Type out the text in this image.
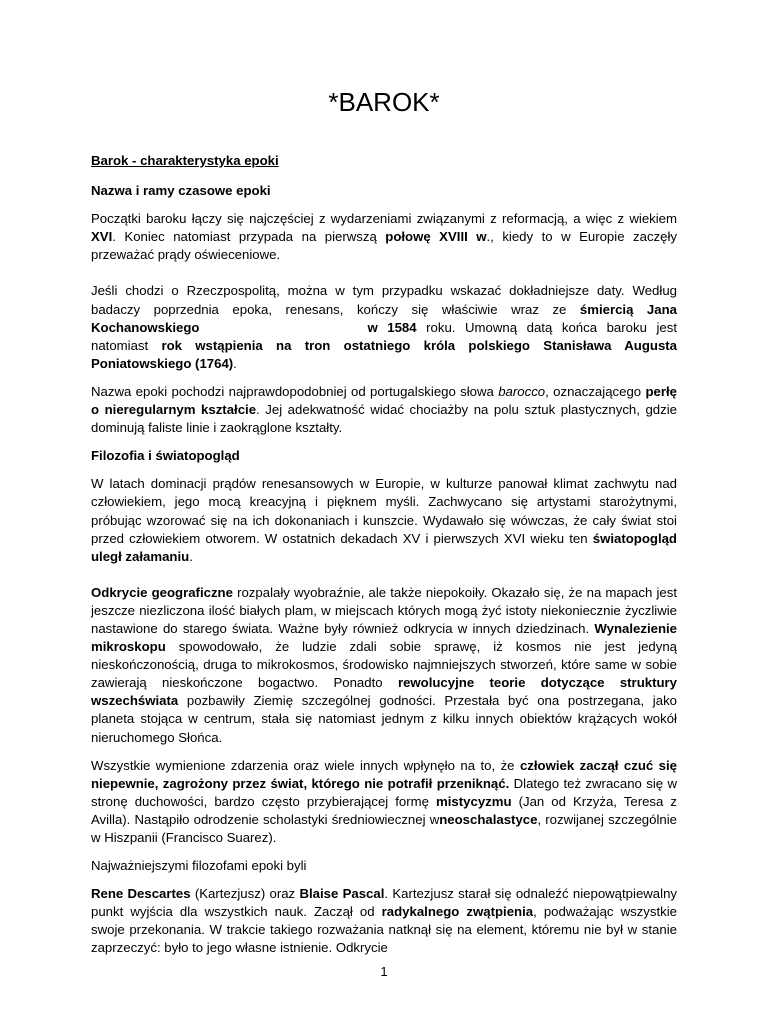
*BAROK*

Barok - charakterystyka epoki

Nazwa i ramy czasowe epoki

Początki baroku łączy się najczęściej z wydarzeniami związanymi z reformacją, a więc z wiekiem XVI. Koniec natomiast przypada na pierwszą połowę XVIII w., kiedy to w Europie zaczęły przeważać prądy oświeceniowe.

Jeśli chodzi o Rzeczpospolitą, można w tym przypadku wskazać dokładniejsze daty. Według badaczy poprzednia epoka, renesans, kończy się właściwie wraz ze śmiercią Jana Kochanowskiego	w 1584 roku. Umowną datą końca baroku jest natomiast rok wstąpienia na tron ostatniego króla polskiego Stanisława Augusta Poniatowskiego (1764).

Nazwa epoki pochodzi najprawdopodobniej od portugalskiego słowa barocco, oznaczającego perłę o nieregularnym kształcie. Jej adekwatność widać chociażby na polu sztuk plastycznych, gdzie dominują faliste linie i zaokrąglone kształty.

Filozofia i światopogląd

W latach dominacji prądów renesansowych w Europie, w kulturze panował klimat zachwytu nad człowiekiem, jego mocą kreacyjną i pięknem myśli. Zachwycano się artystami starożytnymi, próbując wzorować się na ich dokonaniach i kunszcie. Wydawało się wówczas, że cały świat stoi przed człowiekiem otworem. W ostatnich dekadach XV i pierwszych XVI wieku ten światopogląd uległ załamaniu.

Odkrycie geograficzne rozpalały wyobraźnie, ale także niepokoiły. Okazało się, że na mapach jest jeszcze niezliczona ilość białych plam, w miejscach których mogą żyć istoty niekoniecznie życzliwie nastawione do starego świata. Ważne były również odkrycia w innych dziedzinach. Wynalezienie mikroskopu spowodowało, że ludzie zdali sobie sprawę, iż kosmos nie jest jedyną nieskończonością, druga to mikrokosmos, środowisko najmniejszych stworzeń, które same w sobie zawierają nieskończone bogactwo. Ponadto rewolucyjne teorie dotyczące struktury wszechświata pozbawiły Ziemię szczególnej godności. Przestała być ona postrzegana, jako planeta stojąca w centrum, stała się natomiast jednym z kilku innych obiektów krążących wokół nieruchomego Słońca.

Wszystkie wymienione zdarzenia oraz wiele innych wpłynęło na to, że człowiek zaczął czuć się niepewnie, zagrożony przez świat, którego nie potrafił przeniknąć. Dlatego też zwracano się w stronę duchowości, bardzo często przybierającej formę mistycyzmu (Jan od Krzyża, Teresa z Avilla). Nastąpiło odrodzenie scholastyki średniowiecznej wneoschalastyce, rozwijanej szczególnie w Hiszpanii (Francisco Suarez).

Najważniejszymi filozofami epoki byli

Rene Descartes (Kartezjusz) oraz Blaise Pascal. Kartezjusz starał się odnaleźć niepowątpiewalny punkt wyjścia dla wszystkich nauk. Zaczął od radykalnego zwątpienia, podważając wszystkie swoje przekonania. W trakcie takiego rozważania natknął się na element, któremu nie był w stanie zaprzeczyć: było to jego własne istnienie. Odkrycie

1
